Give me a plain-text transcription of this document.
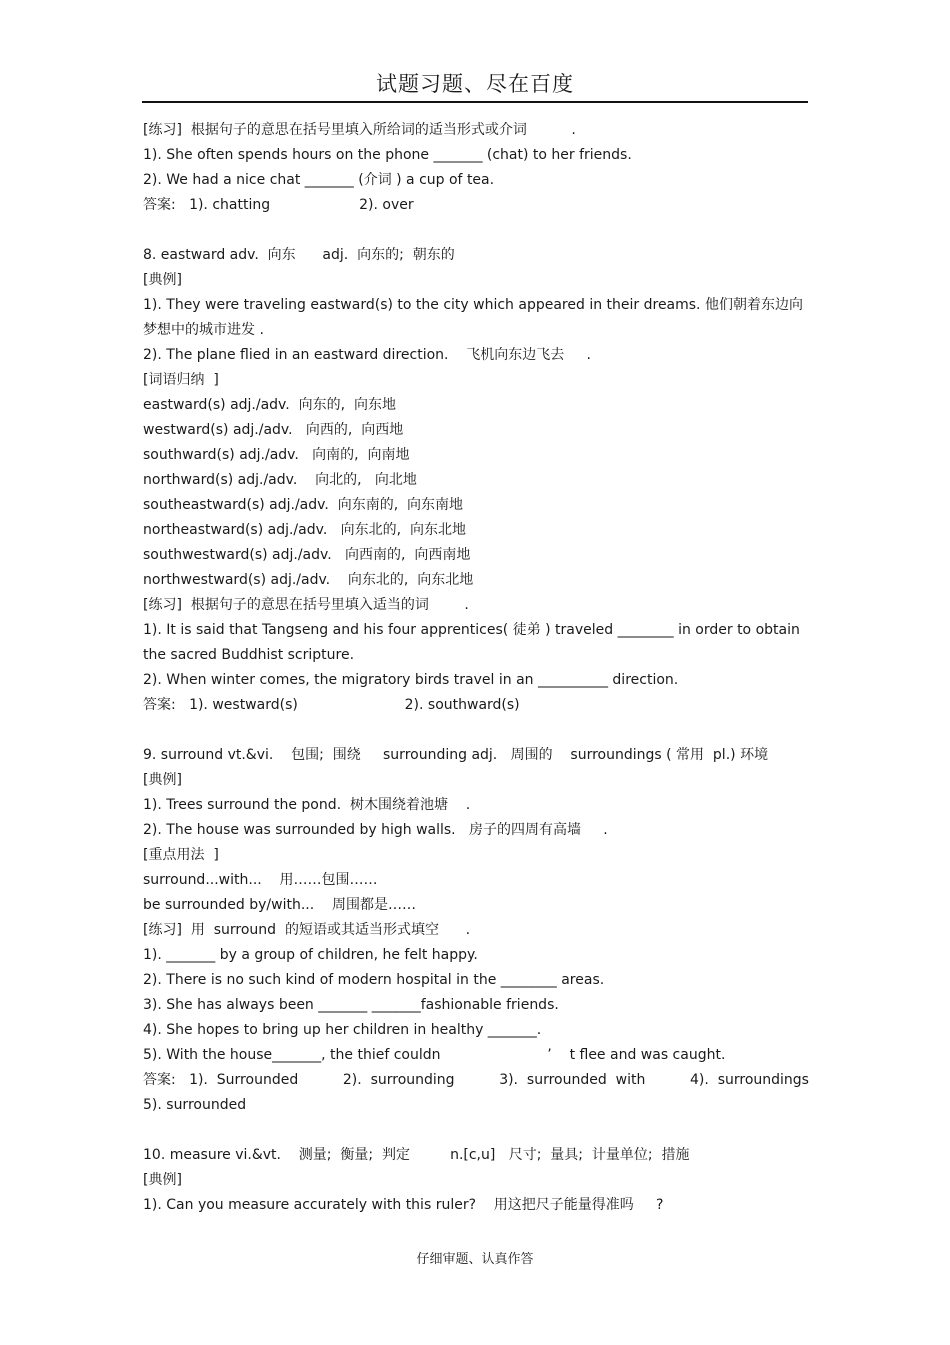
试题习题、尽在百度
[练习]  根据句子的意思在括号里填入所给词的适当形式或介词          .
1). She often spends hours on the phone _______ (chat) to her friends.
2). We had a nice chat _______ (介词 ) a cup of tea.
答案:   1). chatting                    2). over
8. eastward adv.  向东      adj.  向东的;  朝东的
[典例]
1). They were traveling eastward(s) to the city which appeared in their dreams. 他们朝着东边向梦想中的城市进发 .
2). The plane flied in an eastward direction.    飞机向东边飞去     .
[词语归纳  ]
eastward(s) adj./adv.  向东的,  向东地
westward(s) adj./adv.   向西的,  向西地
southward(s) adj./adv.   向南的,  向南地
northward(s) adj./adv.    向北的,   向北地
southeastward(s) adj./adv.  向东南的,  向东南地
northeastward(s) adj./adv.   向东北的,  向东北地
southwestward(s) adj./adv.   向西南的,  向西南地
northwestward(s) adj./adv.    向东北的,  向东北地
[练习]  根据句子的意思在括号里填入适当的词        .
1). It is said that Tangseng and his four apprentices( 徒弟 ) traveled ________ in order to obtain the sacred Buddhist scripture.
2). When winter comes, the migratory birds travel in an __________ direction.
答案:   1). westward(s)                        2). southward(s)
9. surround vt.&vi.    包围;  围绕     surrounding adj.   周围的    surroundings ( 常用  pl.) 环境
[典例]
1). Trees surround the pond.  树木围绕着池塘    .
2). The house was surrounded by high walls.   房子的四周有高墙     .
[重点用法  ]
surround...with...    用……包围……
be surrounded by/with...    周围都是……
[练习]  用  surround  的短语或其适当形式填空      .
1). _______ by a group of children, he felt happy.
2). There is no such kind of modern hospital in the ________ areas.
3). She has always been _______ _______fashionable friends.
4). She hopes to bring up her children in healthy _______.
5). With the house_______, the thief couldn                        ’    t flee and was caught.
答案:   1).  Surrounded	2).  surrounding	3).  surrounded  with	4).  surroundings
5). surrounded
10. measure vi.&vt.    测量;  衡量;  判定         n.[c,u]   尺寸;  量具;  计量单位;  措施
[典例]
1). Can you measure accurately with this ruler?    用这把尺子能量得准吗     ?
仔细审题、认真作答
